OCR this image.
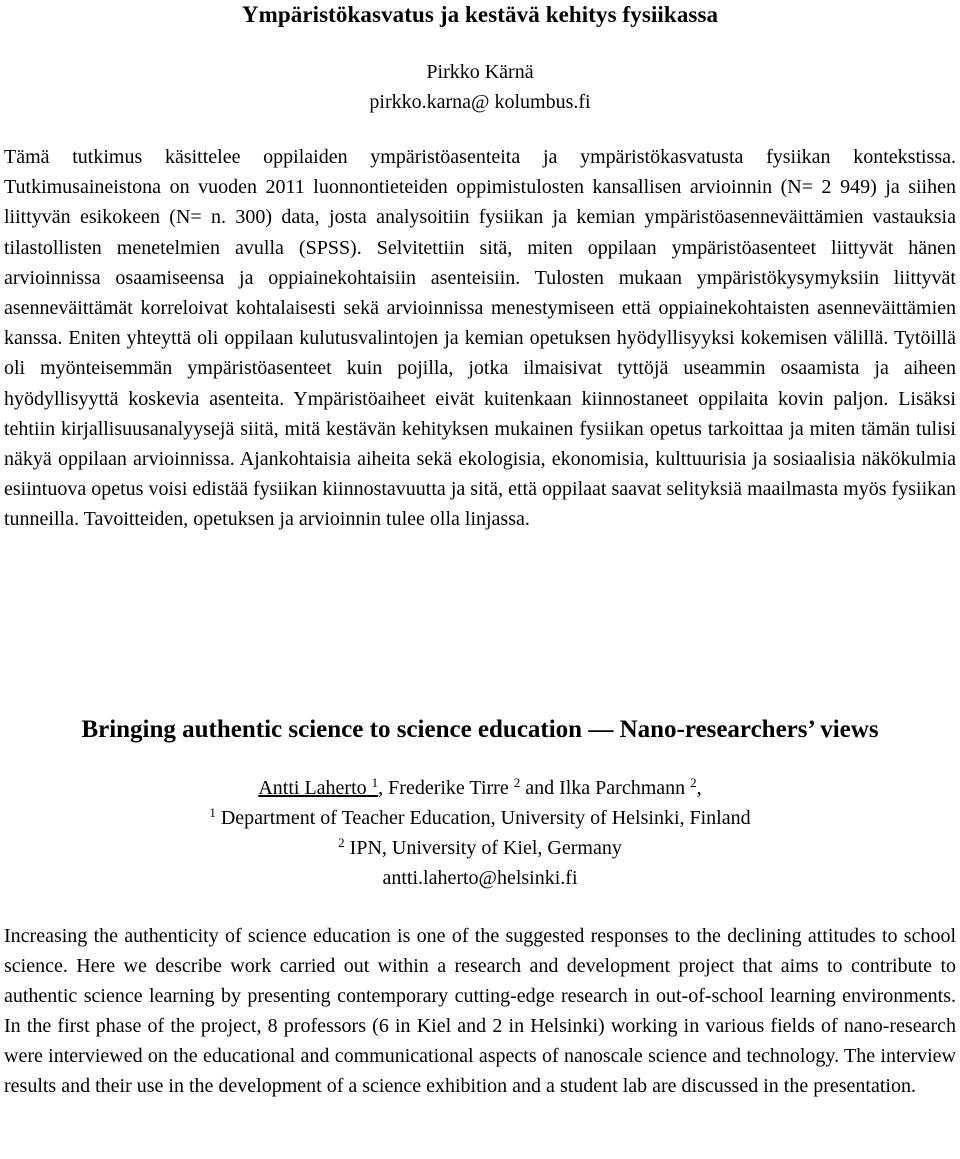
Ympäristökasvatus ja kestävä kehitys fysiikassa
Pirkko Kärnä
pirkko.karna@ kolumbus.fi

Tämä tutkimus käsittelee oppilaiden ympäristöasenteita ja ympäristökasvatusta fysiikan kontekstissa. Tutkimusaineistona on vuoden 2011 luonnontieteiden oppimistulosten kansallisen arvioinnin (N= 2 949) ja siihen liittyvän esikokeen (N= n. 300) data, josta analysoitiin fysiikan ja kemian ympäristöasenneväittämien vastauksia tilastollisten menetelmien avulla (SPSS). Selvitettiin sitä, miten oppilaan ympäristöasenteet liittyvät hänen arvioinnissa osaamiseensa ja oppiainekohtaisiin asenteisiin. Tulosten mukaan ympäristökysymyksiin liittyvät asenneväittämät korreloivat kohtalaisesti sekä arvioinnissa menestymiseen että oppiainekohtaisten asenneväittämien kanssa. Eniten yhteyttä oli oppilaan kulutusvalintojen ja kemian opetuksen hyödyllisyyksi kokemisen välillä. Tytöillä oli myönteisemmän ympäristöasenteet kuin pojilla, jotka ilmaisivat tyttöjä useammin osaamista ja aiheen hyödyllisyyttä koskevia asenteita. Ympäristöaiheet eivät kuitenkaan kiinnostaneet oppilaita kovin paljon. Lisäksi tehtiin kirjallisuusanalyysejä siitä, mitä kestävän kehityksen mukainen fysiikan opetus tarkoittaa ja miten tämän tulisi näkyä oppilaan arvioinnissa. Ajankohtaisia aiheita sekä ekologisia, ekonomisia, kulttuurisia ja sosiaalisia näkökulmia esiintuova opetus voisi edistää fysiikan kiinnostavuutta ja sitä, että oppilaat saavat selityksiä maailmasta myös fysiikan tunneilla. Tavoitteiden, opetuksen ja arvioinnin tulee olla linjassa.

Bringing authentic science to science education — Nano-researchers’ views
Antti Laherto $^1$, Frederike Tirre $^2$ and Ilka Parchmann $^2$,
$^1$ Department of Teacher Education, University of Helsinki, Finland
$^2$ IPN, University of Kiel, Germany
antti.laherto@helsinki.fi

Increasing the authenticity of science education is one of the suggested responses to the declining attitudes to school science. Here we describe work carried out within a research and development project that aims to contribute to authentic science learning by presenting contemporary cutting-edge research in out-of-school learning environments. In the first phase of the project, 8 professors (6 in Kiel and 2 in Helsinki) working in various fields of nano-research were interviewed on the educational and communicational aspects of nanoscale science and technology. The interview results and their use in the development of a science exhibition and a student lab are discussed in the presentation.
